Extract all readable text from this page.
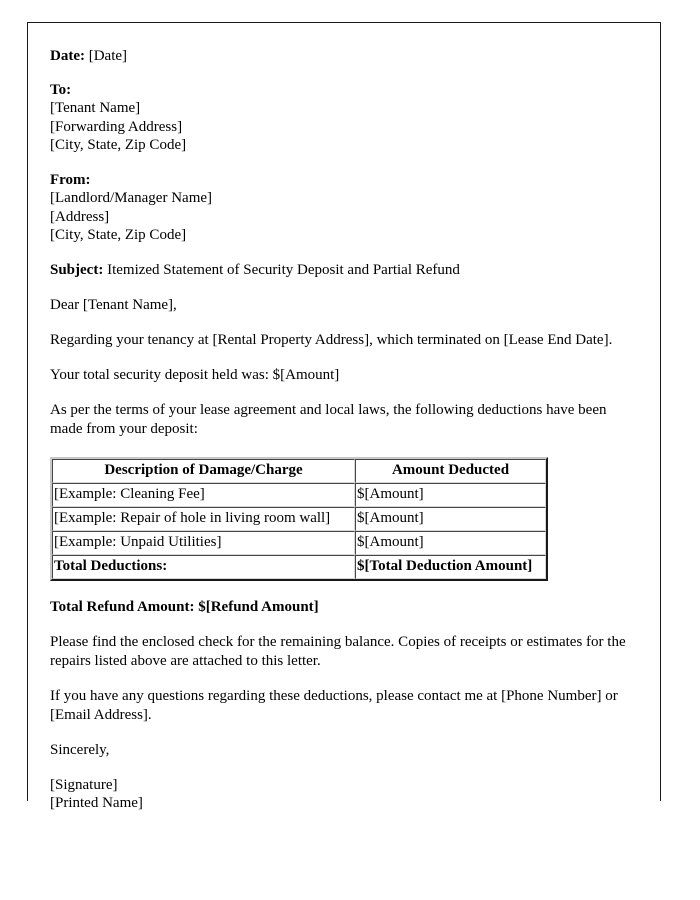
Date: [Date]
To:
[Tenant Name]
[Forwarding Address]
[City, State, Zip Code]
From:
[Landlord/Manager Name]
[Address]
[City, State, Zip Code]

Subject: Itemized Statement of Security Deposit and Partial Refund

Dear [Tenant Name],

Regarding your tenancy at [Rental Property Address], which terminated on [Lease End Date].

Your total security deposit held was: $[Amount]

As per the terms of your lease agreement and local laws, the following deductions have been made from your deposit:

Description of Damage/Charge	Amount Deducted
[Example: Cleaning Fee]	$[Amount]
[Example: Repair of hole in living room wall]	$[Amount]
[Example: Unpaid Utilities]	$[Amount]
Total Deductions:	$[Total Deduction Amount]

Total Refund Amount: $[Refund Amount]

Please find the enclosed check for the remaining balance. Copies of receipts or estimates for the repairs listed above are attached to this letter.

If you have any questions regarding these deductions, please contact me at [Phone Number] or [Email Address].

Sincerely,

[Signature]
[Printed Name]
